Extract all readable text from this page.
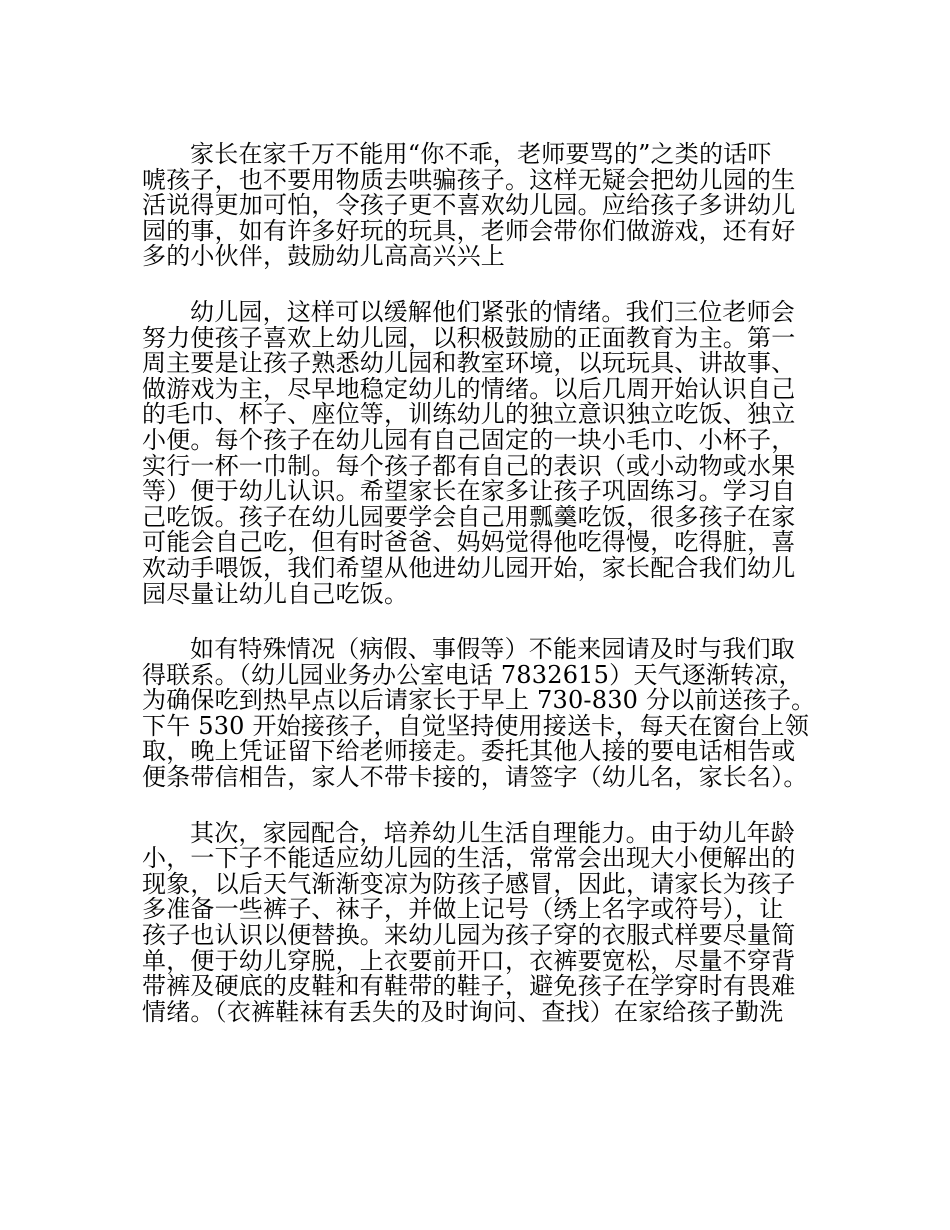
家长在家千万不能用“你不乖，老师要骂的”之类的话吓
唬孩子，也不要用物质去哄骗孩子。这样无疑会把幼儿园的生
活说得更加可怕，令孩子更不喜欢幼儿园。应给孩子多讲幼儿
园的事，如有许多好玩的玩具，老师会带你们做游戏，还有好
多的小伙伴，鼓励幼儿高高兴兴上
幼儿园，这样可以缓解他们紧张的情绪。我们三位老师会
努力使孩子喜欢上幼儿园，以积极鼓励的正面教育为主。第一
周主要是让孩子熟悉幼儿园和教室环境，以玩玩具、讲故事、
做游戏为主，尽早地稳定幼儿的情绪。以后几周开始认识自己
的毛巾、杯子、座位等，训练幼儿的独立意识独立吃饭、独立
小便。每个孩子在幼儿园有自己固定的一块小毛巾、小杯子，
实行一杯一巾制。每个孩子都有自己的表识（或小动物或水果
等）便于幼儿认识。希望家长在家多让孩子巩固练习。学习自
己吃饭。孩子在幼儿园要学会自己用瓢羹吃饭，很多孩子在家
可能会自己吃，但有时爸爸、妈妈觉得他吃得慢，吃得脏，喜
欢动手喂饭，我们希望从他进幼儿园开始，家长配合我们幼儿
园尽量让幼儿自己吃饭。
如有特殊情况（病假、事假等）不能来园请及时与我们取
得联系。（幼儿园业务办公室电话 7832615）天气逐渐转凉，
为确保吃到热早点以后请家长于早上 730-830 分以前送孩子。
下午 530 开始接孩子，自觉坚持使用接送卡，每天在窗台上领
取，晚上凭证留下给老师接走。委托其他人接的要电话相告或
便条带信相告，家人不带卡接的，请签字（幼儿名，家长名）。
其次，家园配合，培养幼儿生活自理能力。由于幼儿年龄
小，一下子不能适应幼儿园的生活，常常会出现大小便解出的
现象，以后天气渐渐变凉为防孩子感冒，因此，请家长为孩子
多准备一些裤子、袜子，并做上记号（绣上名字或符号），让
孩子也认识以便替换。来幼儿园为孩子穿的衣服式样要尽量简
单，便于幼儿穿脱，上衣要前开口，衣裤要宽松，尽量不穿背
带裤及硬底的皮鞋和有鞋带的鞋子，避免孩子在学穿时有畏难
情绪。（衣裤鞋袜有丢失的及时询问、查找）在家给孩子勤洗
